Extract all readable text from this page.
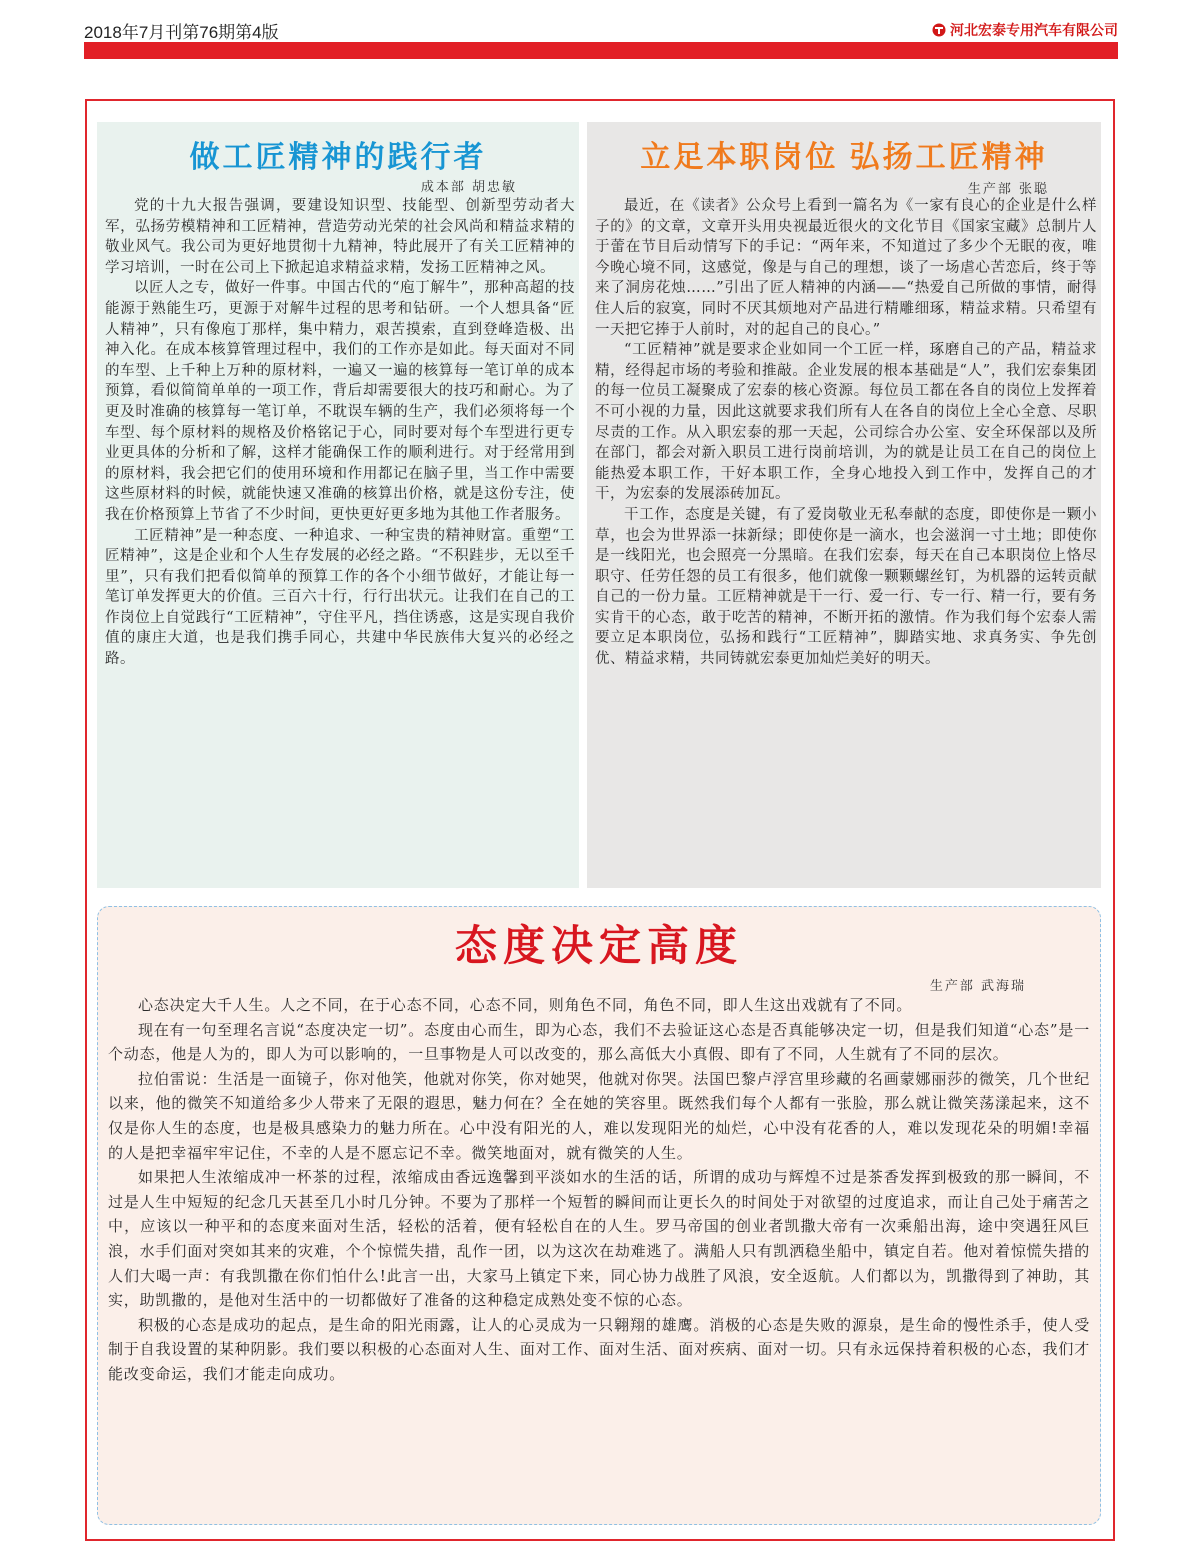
2018年7月刊第76期第4版	河北宏泰专用汽车有限公司
做工匠精神的践行者
成本部 胡忠敏

党的十九大报告强调，要建设知识型、技能型、创新型劳动者大军，弘扬劳模精神和工匠精神，营造劳动光荣的社会风尚和精益求精的敬业风气。我公司为更好地贯彻十九精神，特此展开了有关工匠精神的学习培训，一时在公司上下掀起追求精益求精，发扬工匠精神之风。

以匠人之专，做好一件事。中国古代的“庖丁解牛”，那种高超的技能源于熟能生巧，更源于对解牛过程的思考和钻研。一个人想具备“匠人精神”，只有像庖丁那样，集中精力，艰苦摸索，直到登峰造极、出神入化。在成本核算管理过程中，我们的工作亦是如此。每天面对不同的车型、上千种上万种的原材料，一遍又一遍的核算每一笔订单的成本预算，看似简简单单的一项工作，背后却需要很大的技巧和耐心。为了更及时准确的核算每一笔订单，不耽误车辆的生产，我们必须将每一个车型、每个原材料的规格及价格铭记于心，同时要对每个车型进行更专业更具体的分析和了解，这样才能确保工作的顺利进行。对于经常用到的原材料，我会把它们的使用环境和作用都记在脑子里，当工作中需要这些原材料的时候，就能快速又准确的核算出价格，就是这份专注，使我在价格预算上节省了不少时间，更快更好更多地为其他工作者服务。

工匠精神”是一种态度、一种追求、一种宝贵的精神财富。重塑“工匠精神”，这是企业和个人生存发展的必经之路。“不积跬步，无以至千里”，只有我们把看似简单的预算工作的各个小细节做好，才能让每一笔订单发挥更大的价值。三百六十行，行行出状元。让我们在自己的工作岗位上自觉践行“工匠精神”，守住平凡，挡住诱惑，这是实现自我价值的康庄大道，也是我们携手同心，共建中华民族伟大复兴的必经之路。

立足本职岗位 弘扬工匠精神
生产部 张聪

最近，在《读者》公众号上看到一篇名为《一家有良心的企业是什么样子的》的文章，文章开头用央视最近很火的文化节目《国家宝藏》总制片人于蕾在节目后动情写下的手记：“两年来，不知道过了多少个无眠的夜，唯今晚心境不同，这感觉，像是与自己的理想，谈了一场虐心苦恋后，终于等来了洞房花烛……”引出了匠人精神的内涵——“热爱自己所做的事情，耐得住人后的寂寞，同时不厌其烦地对产品进行精雕细琢，精益求精。只希望有一天把它捧于人前时，对的起自己的良心。”

“工匠精神”就是要求企业如同一个工匠一样，琢磨自己的产品，精益求精，经得起市场的考验和推敲。企业发展的根本基础是“人”，我们宏泰集团的每一位员工凝聚成了宏泰的核心资源。每位员工都在各自的岗位上发挥着不可小视的力量，因此这就要求我们所有人在各自的岗位上全心全意、尽职尽责的工作。从入职宏泰的那一天起，公司综合办公室、安全环保部以及所在部门，都会对新入职员工进行岗前培训，为的就是让员工在自己的岗位上能热爱本职工作，干好本职工作，全身心地投入到工作中，发挥自己的才干，为宏泰的发展添砖加瓦。

干工作，态度是关键，有了爱岗敬业无私奉献的态度，即使你是一颗小草，也会为世界添一抹新绿；即使你是一滴水，也会滋润一寸土地；即使你是一线阳光，也会照亮一分黑暗。在我们宏泰，每天在自己本职岗位上恪尽职守、任劳任怨的员工有很多，他们就像一颗颗螺丝钉，为机器的运转贡献自己的一份力量。工匠精神就是干一行、爱一行、专一行、精一行，要有务实肯干的心态，敢于吃苦的精神，不断开拓的激情。作为我们每个宏泰人需要立足本职岗位，弘扬和践行“工匠精神”，脚踏实地、求真务实、争先创优、精益求精，共同铸就宏泰更加灿烂美好的明天。

态度决定高度
生产部 武海瑞

心态决定大千人生。人之不同，在于心态不同，心态不同，则角色不同，角色不同，即人生这出戏就有了不同。

现在有一句至理名言说“态度决定一切”。态度由心而生，即为心态，我们不去验证这心态是否真能够决定一切，但是我们知道“心态”是一个动态，他是人为的，即人为可以影响的，一旦事物是人可以改变的，那么高低大小真假、即有了不同，人生就有了不同的层次。

拉伯雷说：生活是一面镜子，你对他笑，他就对你笑，你对她哭，他就对你哭。法国巴黎卢浮宫里珍藏的名画蒙娜丽莎的微笑，几个世纪以来，他的微笑不知道给多少人带来了无限的遐思，魅力何在？全在她的笑容里。既然我们每个人都有一张脸，那么就让微笑荡漾起来，这不仅是你人生的态度，也是极具感染力的魅力所在。心中没有阳光的人，难以发现阳光的灿烂，心中没有花香的人，难以发现花朵的明媚!幸福的人是把幸福牢牢记住，不幸的人是不愿忘记不幸。微笑地面对，就有微笑的人生。

如果把人生浓缩成冲一杯茶的过程，浓缩成由香远逸馨到平淡如水的生活的话，所谓的成功与辉煌不过是茶香发挥到极致的那一瞬间，不过是人生中短短的纪念几天甚至几小时几分钟。不要为了那样一个短暂的瞬间而让更长久的时间处于对欲望的过度追求，而让自己处于痛苦之中，应该以一种平和的态度来面对生活，轻松的活着，便有轻松自在的人生。罗马帝国的创业者凯撒大帝有一次乘船出海，途中突遇狂风巨浪，水手们面对突如其来的灾难，个个惊慌失措，乱作一团，以为这次在劫难逃了。满船人只有凯洒稳坐船中，镇定自若。他对着惊慌失措的人们大喝一声：有我凯撒在你们怕什么!此言一出，大家马上镇定下来，同心协力战胜了风浪，安全返航。人们都以为，凯撒得到了神助，其实，助凯撒的，是他对生活中的一切都做好了准备的这种稳定成熟处变不惊的心态。

积极的心态是成功的起点，是生命的阳光雨露，让人的心灵成为一只翱翔的雄鹰。消极的心态是失败的源泉，是生命的慢性杀手，使人受制于自我设置的某种阴影。我们要以积极的心态面对人生、面对工作、面对生活、面对疾病、面对一切。只有永远保持着积极的心态，我们才能改变命运，我们才能走向成功。
